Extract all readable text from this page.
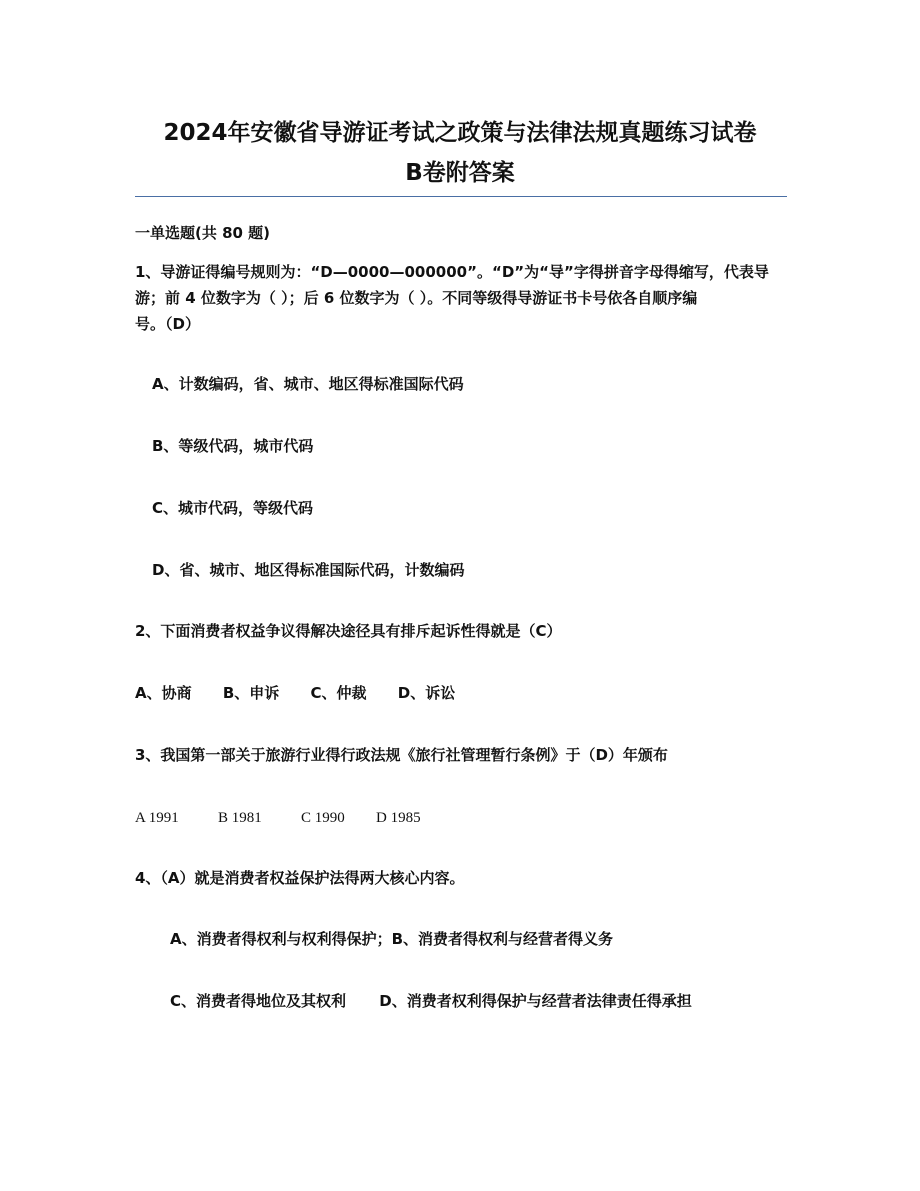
2024年安徽省导游证考试之政策与法律法规真题练习试卷
B卷附答案
一单选题(共 80 题)
1、导游证得编号规则为：“D—0000—000000”。“D”为“导”字得拼音字母得缩写，代表导
游；前 4 位数字为（ ）；后 6 位数字为（ ）。不同等级得导游证书卡号依各自顺序编
号。（D）
A、计数编码，省、城市、地区得标准国际代码
B、等级代码，城市代码
C、城市代码，等级代码
D、省、城市、地区得标准国际代码，计数编码
2、下面消费者权益争议得解决途径具有排斥起诉性得就是（C）
A、协商 B、申诉 C、仲裁 D、诉讼
3、我国第一部关于旅游行业得行政法规《旅行社管理暂行条例》于（D）年颁布
A 1991	B 1981	C 1990 D 1985
4、（A）就是消费者权益保护法得两大核心内容。
A、消费者得权利与权利得保护；B、消费者得权利与经营者得义务
C、消费者得地位及其权利 D、消费者权利得保护与经营者法律责任得承担
